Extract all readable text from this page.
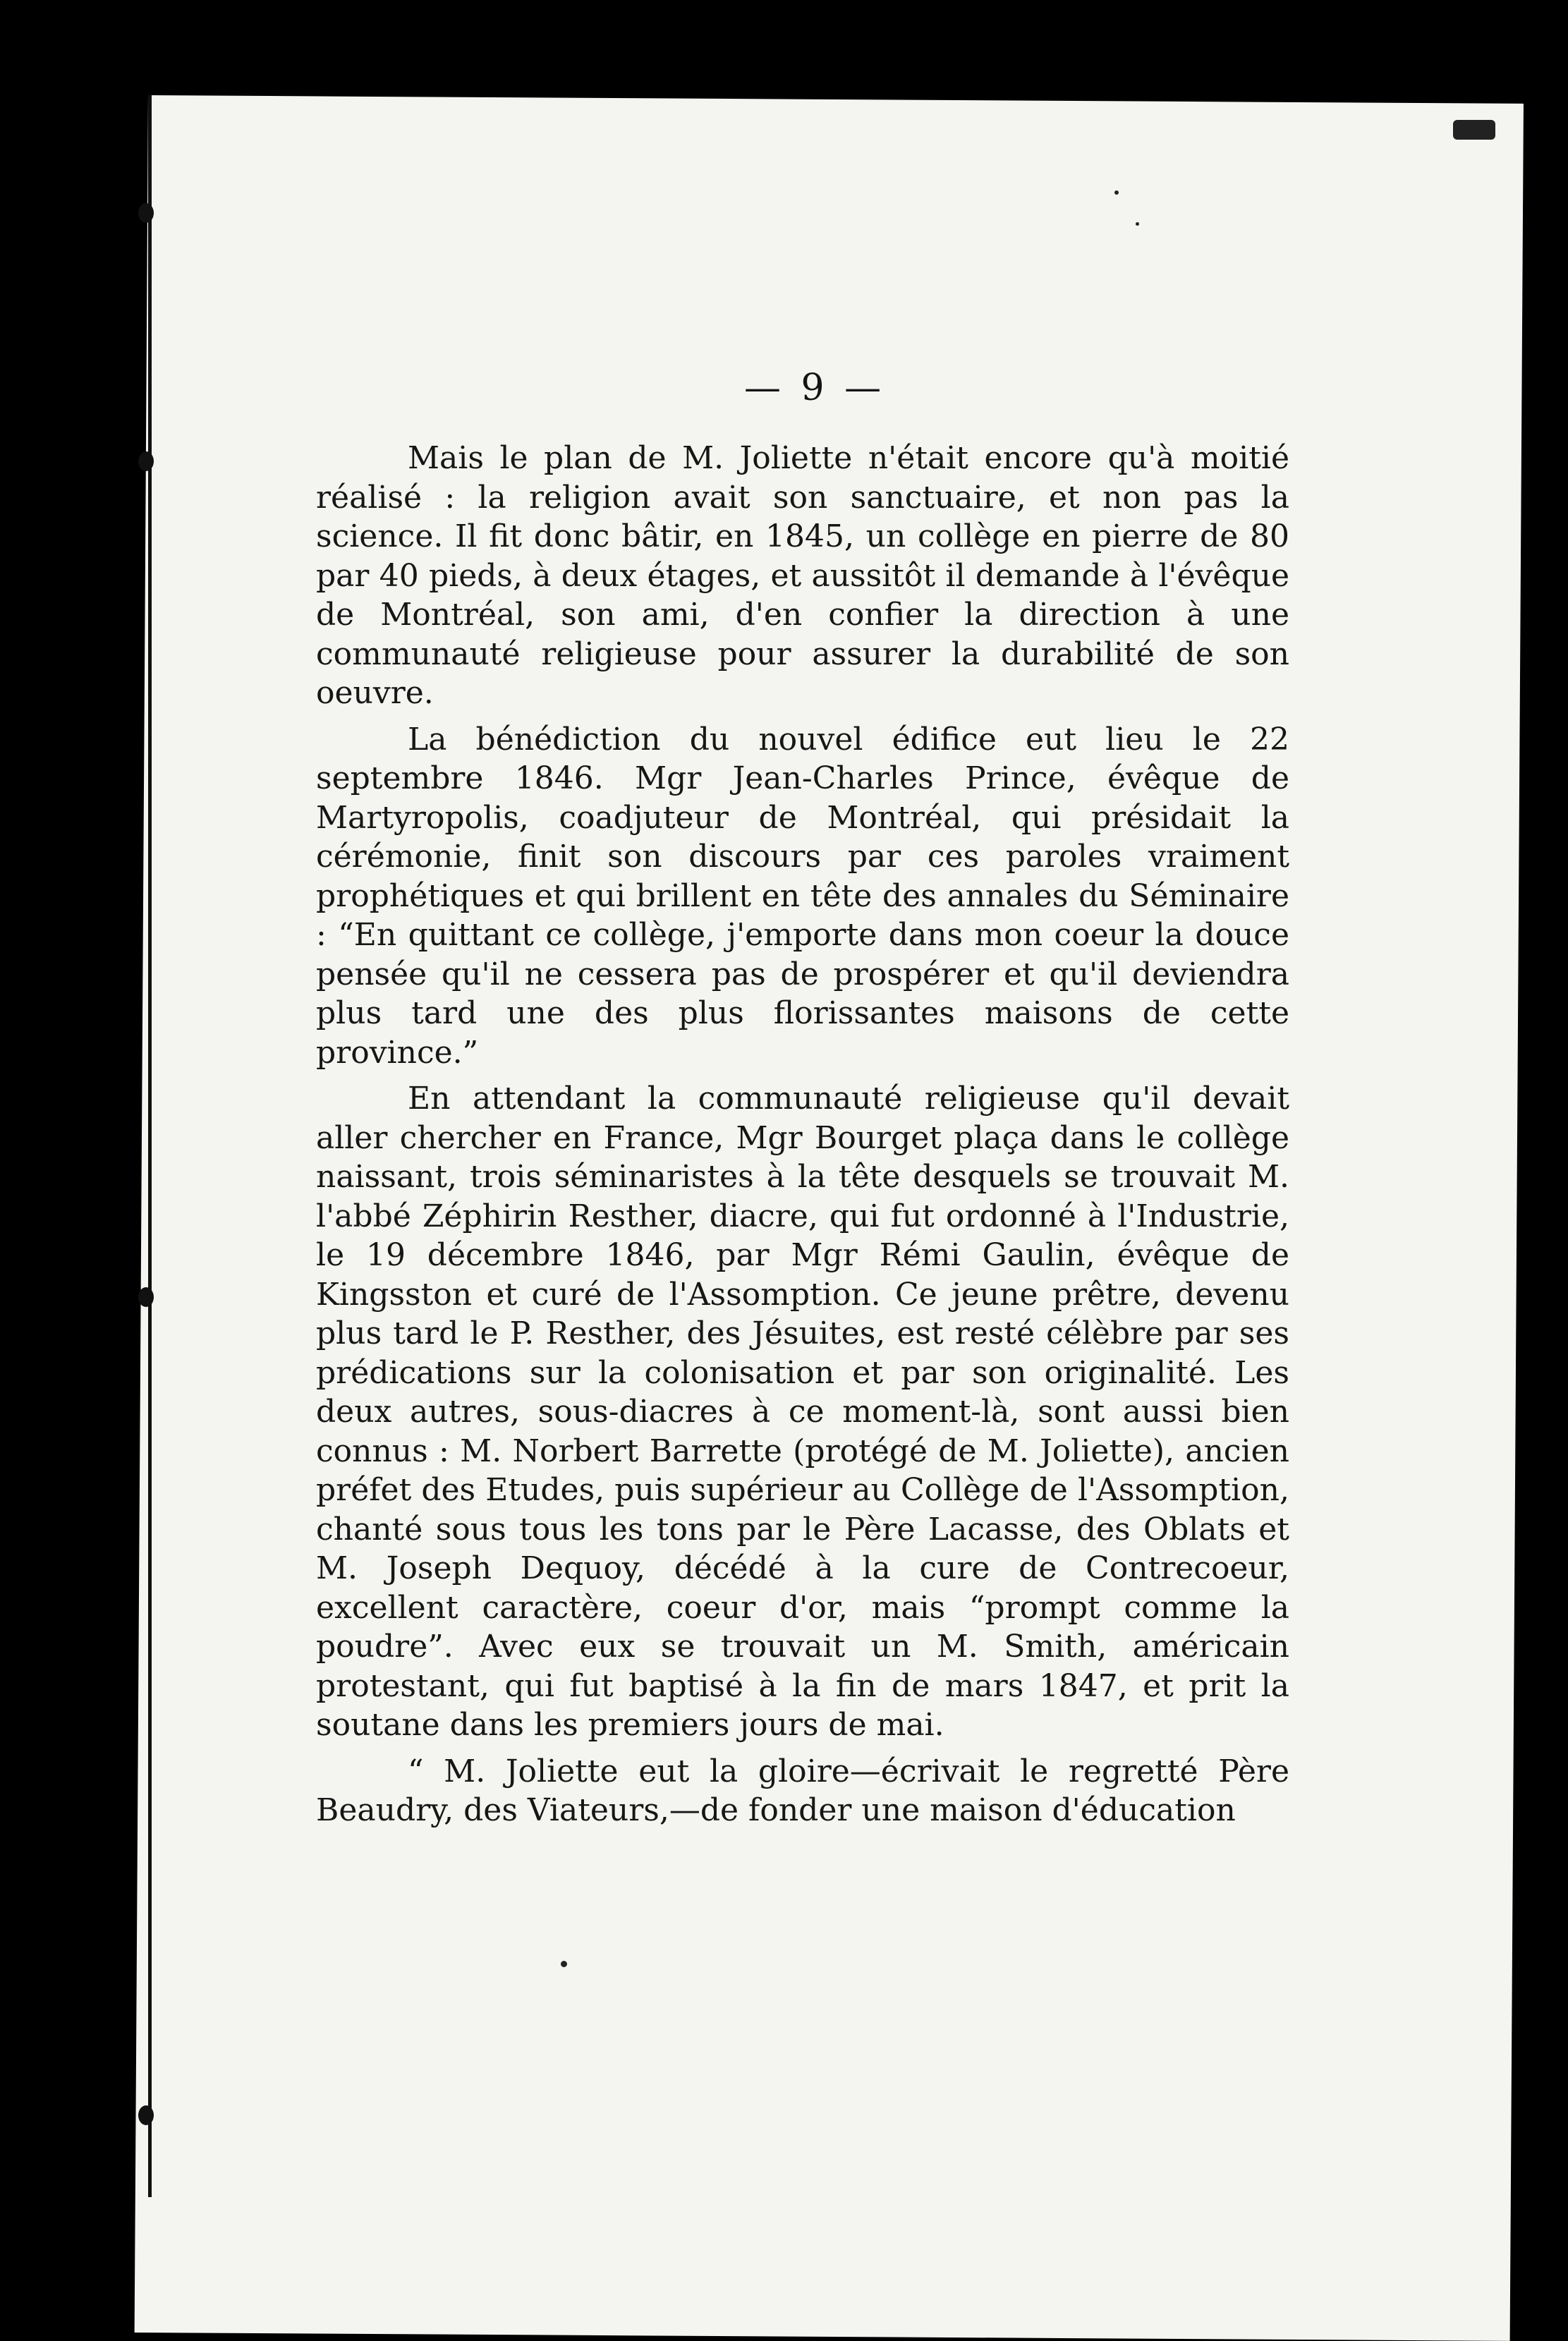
— 9 —

Mais le plan de M. Joliette n'était encore qu'à moitié réalisé : la religion avait son sanctuaire, et non pas la science. Il fit donc bâtir, en 1845, un collège en pierre de 80 par 40 pieds, à deux étages, et aussitôt il demande à l'évêque de Montréal, son ami, d'en confier la direction à une communauté religieuse pour assurer la durabilité de son oeuvre.

La bénédiction du nouvel édifice eut lieu le 22 septembre 1846. Mgr Jean-Charles Prince, évêque de Martyropolis, coadjuteur de Montréal, qui présidait la cérémonie, finit son discours par ces paroles vraiment prophétiques et qui brillent en tête des annales du Séminaire : “En quittant ce collège, j'emporte dans mon coeur la douce pensée qu'il ne cessera pas de prospérer et qu'il deviendra plus tard une des plus florissantes maisons de cette province.”

En attendant la communauté religieuse qu'il devait aller chercher en France, Mgr Bourget plaça dans le collège naissant, trois séminaristes à la tête desquels se trouvait M. l'abbé Zéphirin Resther, diacre, qui fut ordonné à l'Industrie, le 19 décembre 1846, par Mgr Rémi Gaulin, évêque de Kingsston et curé de l'Assomption. Ce jeune prêtre, devenu plus tard le P. Resther, des Jésuites, est resté célèbre par ses prédications sur la colonisation et par son originalité. Les deux autres, sous-diacres à ce moment-là, sont aussi bien connus : M. Norbert Barrette (protégé de M. Joliette), ancien préfet des Etudes, puis supérieur au Collège de l'Assomption, chanté sous tous les tons par le Père Lacasse, des Oblats et M. Joseph Dequoy, décédé à la cure de Contrecoeur, excellent caractère, coeur d'or, mais “prompt comme la poudre”. Avec eux se trouvait un M. Smith, américain protestant, qui fut baptisé à la fin de mars 1847, et prit la soutane dans les premiers jours de mai.

“ M. Joliette eut la gloire—écrivait le regretté Père Beaudry, des Viateurs,—de fonder une maison d'éducation
